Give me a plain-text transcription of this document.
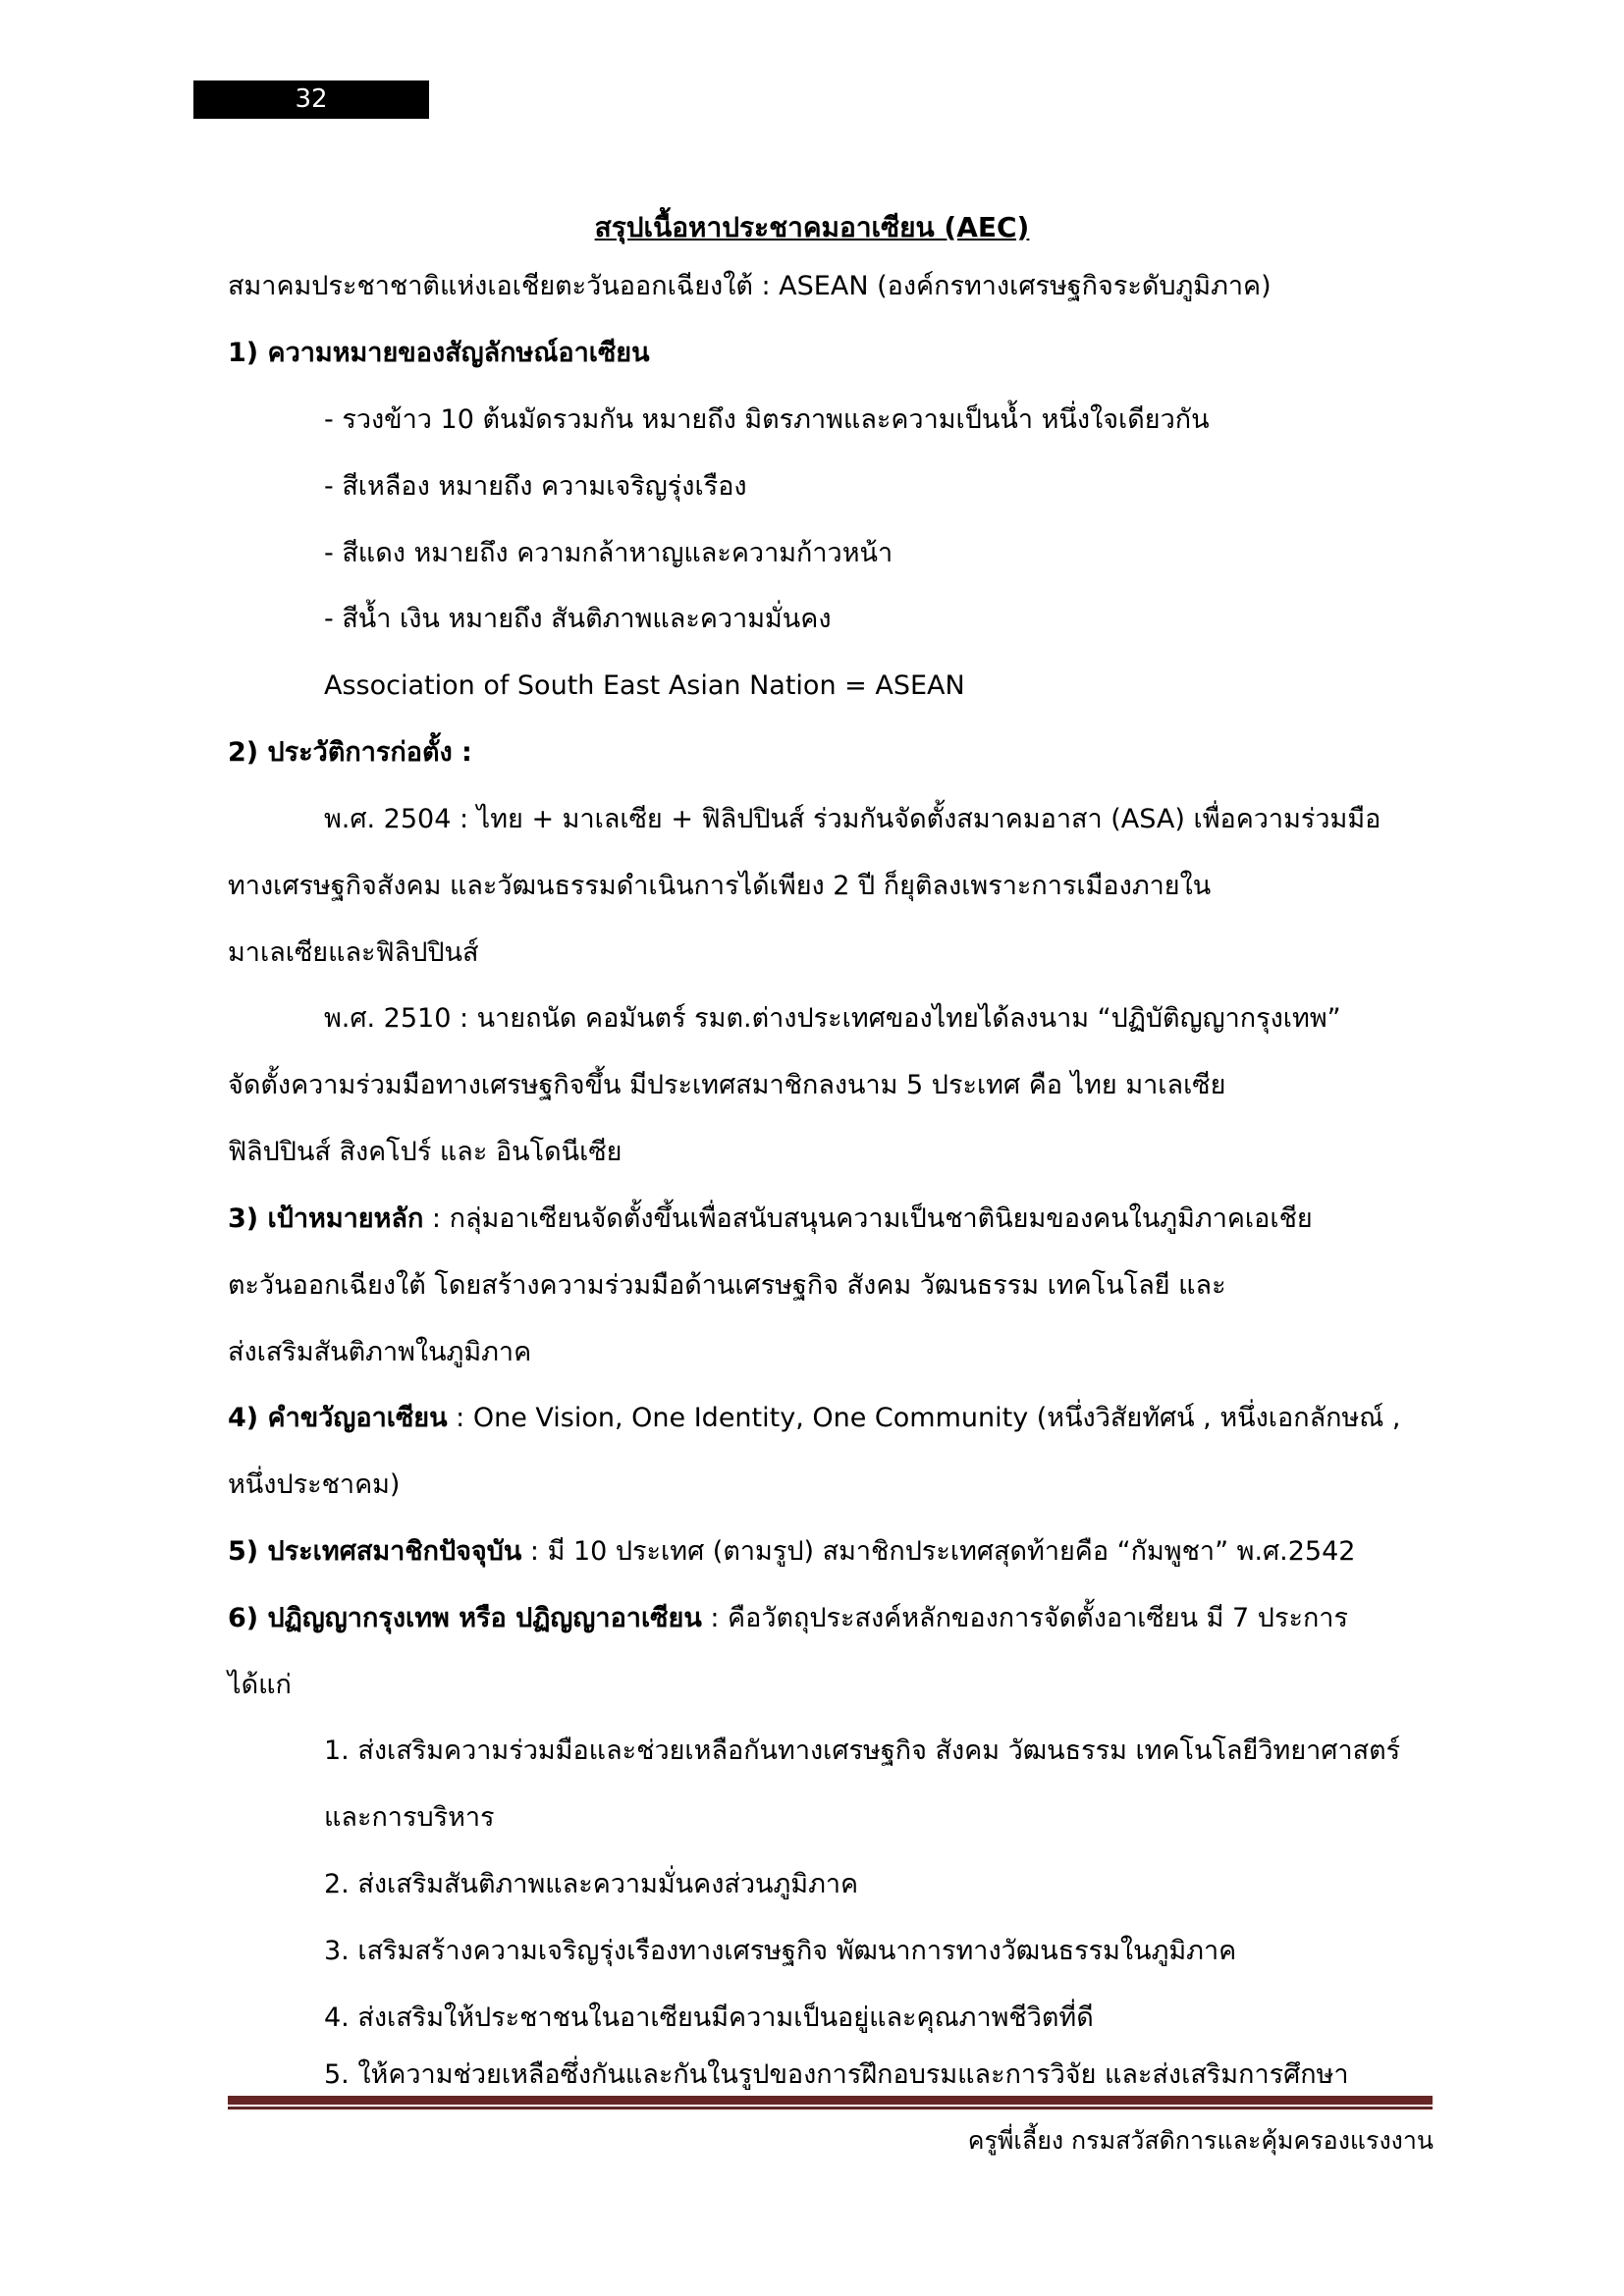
32
สรุปเนื้อหาประชาคมอาเซียน (AEC)
สมาคมประชาชาติแห่งเอเชียตะวันออกเฉียงใต้ : ASEAN (องค์กรทางเศรษฐกิจระดับภูมิภาค)
1) ความหมายของสัญลักษณ์อาเซียน
- รวงข้าว 10 ต้นมัดรวมกัน หมายถึง มิตรภาพและความเป็นน้ำ หนึ่งใจเดียวกัน
- สีเหลือง หมายถึง ความเจริญรุ่งเรือง
- สีแดง หมายถึง ความกล้าหาญและความก้าวหน้า
- สีน้ำ เงิน หมายถึง สันติภาพและความมั่นคง
Association of South East Asian Nation = ASEAN
2) ประวัติการก่อตั้ง :
พ.ศ. 2504 : ไทย + มาเลเซีย + ฟิลิปปินส์ ร่วมกันจัดตั้งสมาคมอาสา (ASA) เพื่อความร่วมมือ
ทางเศรษฐกิจสังคม และวัฒนธรรมดำเนินการได้เพียง 2 ปี ก็ยุติลงเพราะการเมืองภายใน
มาเลเซียและฟิลิปปินส์
พ.ศ. 2510 : นายถนัด คอมันตร์ รมต.ต่างประเทศของไทยได้ลงนาม “ปฏิบัติญญากรุงเทพ”
จัดตั้งความร่วมมือทางเศรษฐกิจขึ้น มีประเทศสมาชิกลงนาม 5 ประเทศ คือ ไทย มาเลเซีย
ฟิลิปปินส์ สิงคโปร์ และ อินโดนีเซีย
3) เป้าหมายหลัก : กลุ่มอาเซียนจัดตั้งขึ้นเพื่อสนับสนุนความเป็นชาตินิยมของคนในภูมิภาคเอเชีย
ตะวันออกเฉียงใต้ โดยสร้างความร่วมมือด้านเศรษฐกิจ สังคม วัฒนธรรม เทคโนโลยี และ
ส่งเสริมสันติภาพในภูมิภาค
4) คำขวัญอาเซียน : One Vision, One Identity, One Community (หนึ่งวิสัยทัศน์ , หนึ่งเอกลักษณ์ ,
หนึ่งประชาคม)
5) ประเทศสมาชิกปัจจุบัน : มี 10 ประเทศ (ตามรูป) สมาชิกประเทศสุดท้ายคือ “กัมพูชา” พ.ศ.2542
6) ปฏิญญากรุงเทพ หรือ ปฏิญญาอาเซียน : คือวัตถุประสงค์หลักของการจัดตั้งอาเซียน มี 7 ประการ
ได้แก่
1. ส่งเสริมความร่วมมือและช่วยเหลือกันทางเศรษฐกิจ สังคม วัฒนธรรม เทคโนโลยีวิทยาศาสตร์
และการบริหาร
2. ส่งเสริมสันติภาพและความมั่นคงส่วนภูมิภาค
3. เสริมสร้างความเจริญรุ่งเรืองทางเศรษฐกิจ พัฒนาการทางวัฒนธรรมในภูมิภาค
4. ส่งเสริมให้ประชาชนในอาเซียนมีความเป็นอยู่และคุณภาพชีวิตที่ดี
5. ให้ความช่วยเหลือซึ่งกันและกันในรูปของการฝึกอบรมและการวิจัย และส่งเสริมการศึกษา
ครูพี่เลี้ยง กรมสวัสดิการและคุ้มครองแรงงาน
